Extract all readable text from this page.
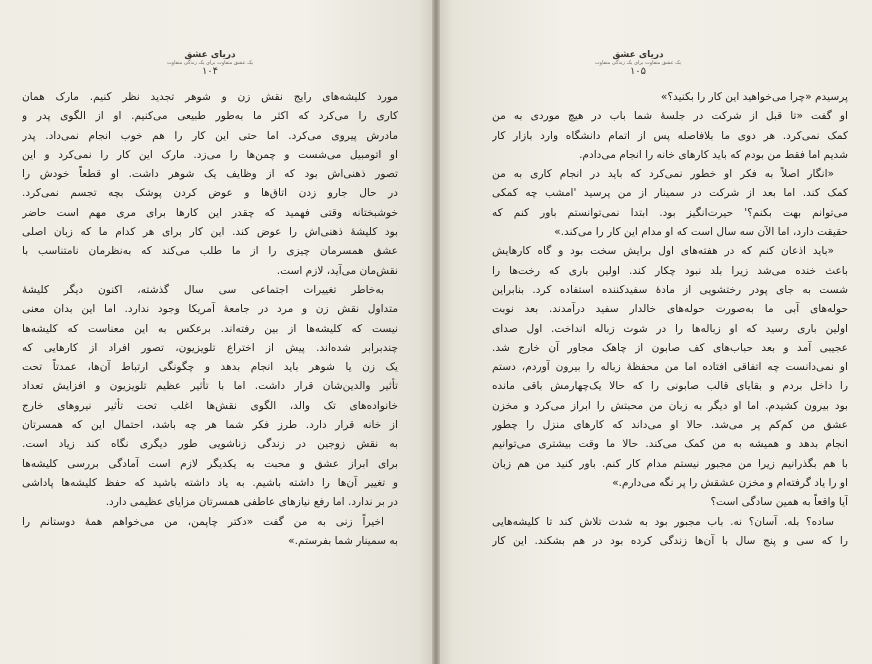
دریای عشق
یک عشق متفاوت برای یک زندگی متفاوت
۱۰۴
مورد کلیشه‌های رایج نقش زن و شوهر تجدید نظر کنیم. مارک همان
کاری را می‌کرد که اکثر ما به‌طور طبیعی می‌کنیم. او از الگوی پدر و
مادرش پیروی می‌کرد. اما حتی این کار را هم خوب انجام نمی‌داد. پدر
او اتومبیل می‌شست و چمن‌ها را می‌زد. مارک این کار را نمی‌کرد و این
تصور ذهنی‌اش بود که از وظایف یک شوهر داشت. او قطعاً خودش را
در حال جارو زدن اتاق‌ها و عوض کردن پوشک بچه تجسم نمی‌کرد.
خوشبختانه وقتی فهمید که چقدر این کارها برای مری مهم است حاضر
بود کلیشهٔ ذهنی‌اش را عوض کند. این کار برای هر کدام ما که زبان اصلی
عشق همسرمان چیزی را از ما طلب می‌کند که به‌نظرمان نامتناسب با
نقش‌مان می‌آید، لازم است.
به‌خاطر تغییرات اجتماعی سی سال گذشته، اکنون دیگر کلیشهٔ
متداول نقش زن و مرد در جامعهٔ آمریکا وجود ندارد. اما این بدان معنی
نیست که کلیشه‌ها از بین رفته‌اند. برعکس به این معناست که کلیشه‌ها
چندبرابر شده‌اند. پیش از اختراع تلویزیون، تصور افراد از کارهایی که
یک زن یا شوهر باید انجام بدهد و چگونگی ارتباط آن‌ها، عمدتاً تحت
تأثیر والدین‌شان قرار داشت. اما با تأثیر عظیم تلویزیون و افزایش تعداد
خانواده‌های تک والد، الگوی نقش‌ها اغلب تحت تأثیر نیروهای خارج
از خانه قرار دارد. طرز فکر شما هر چه باشد، احتمال این که همسرتان
به نقش زوجین در زندگی زناشویی طور دیگری نگاه کند زیاد است.
برای ابراز عشق و محبت به یکدیگر لازم است آمادگی بررسی کلیشه‌ها
و تغییر آن‌ها را داشته باشیم. به یاد داشته باشید که حفظ کلیشه‌ها پاداشی
در بر ندارد. اما رفع نیازهای عاطفی همسرتان مزایای عظیمی دارد.
اخیراً زنی به من گفت «دکتر چاپمن، من می‌خواهم همهٔ دوستانم را
به سمینار شما بفرستم.»
دریای عشق
یک عشق متفاوت برای یک زندگی متفاوت
۱۰۵
پرسیدم «چرا می‌خواهید این کار را بکنید؟»
او گفت «تا قبل از شرکت در جلسهٔ شما باب در هیچ موردی به من
کمک نمی‌کرد. هر دوی ما بلافاصله پس از اتمام دانشگاه وارد بازار کار
شدیم اما فقط من بودم که باید کارهای خانه را انجام می‌دادم.
«انگار اصلاً به فکر او خطور نمی‌کرد که باید در انجام کاری به من
کمک کند. اما بعد از شرکت در سمینار از من پرسید 'امشب چه کمکی
می‌توانم بهت بکنم؟' حیرت‌انگیز بود. ابتدا نمی‌توانستم باور کنم که
حقیقت دارد، اما الآن سه سال است که او مدام این کار را می‌کند.»
«باید اذعان کنم که در هفته‌های اول برایش سخت بود و گاه کارهایش
باعث خنده می‌شد زیرا بلد نبود چکار کند. اولین باری که رخت‌ها را
شست به جای پودر رختشویی از مادهٔ سفیدکننده استفاده کرد. بنابراین
حوله‌های آبی ما به‌صورت حوله‌های خالدار سفید درآمدند. بعد نوبت
اولین باری رسید که او زباله‌ها را در شوت زباله انداخت. اول صدای
عجیبی آمد و بعد حباب‌های کف صابون از چاهک مجاور آن خارج شد.
او نمی‌دانست چه اتفاقی افتاده اما من محفظهٔ زباله را بیرون آوردم، دستم
را داخل بردم و بقایای قالب صابونی را که حالا یک‌چهارمش باقی مانده
بود بیرون کشیدم. اما او دیگر به زبان من محبتش را ابراز می‌کرد و مخزن
عشق من کم‌کم پر می‌شد. حالا او می‌داند که کارهای منزل را چطور
انجام بدهد و همیشه به من کمک می‌کند. حالا ما وقت بیشتری می‌توانیم
با هم بگذرانیم زیرا من مجبور نیستم مدام کار کنم. باور کنید من هم زبان
او را یاد گرفته‌ام و مخزن عشقش را پر نگه می‌دارم.»
آیا واقعاً به همین سادگی است؟
ساده؟ بله. آسان؟ نه. باب مجبور بود به شدت تلاش کند تا کلیشه‌هایی
را که سی و پنج سال با آن‌ها زندگی کرده بود در هم بشکند. این کار
